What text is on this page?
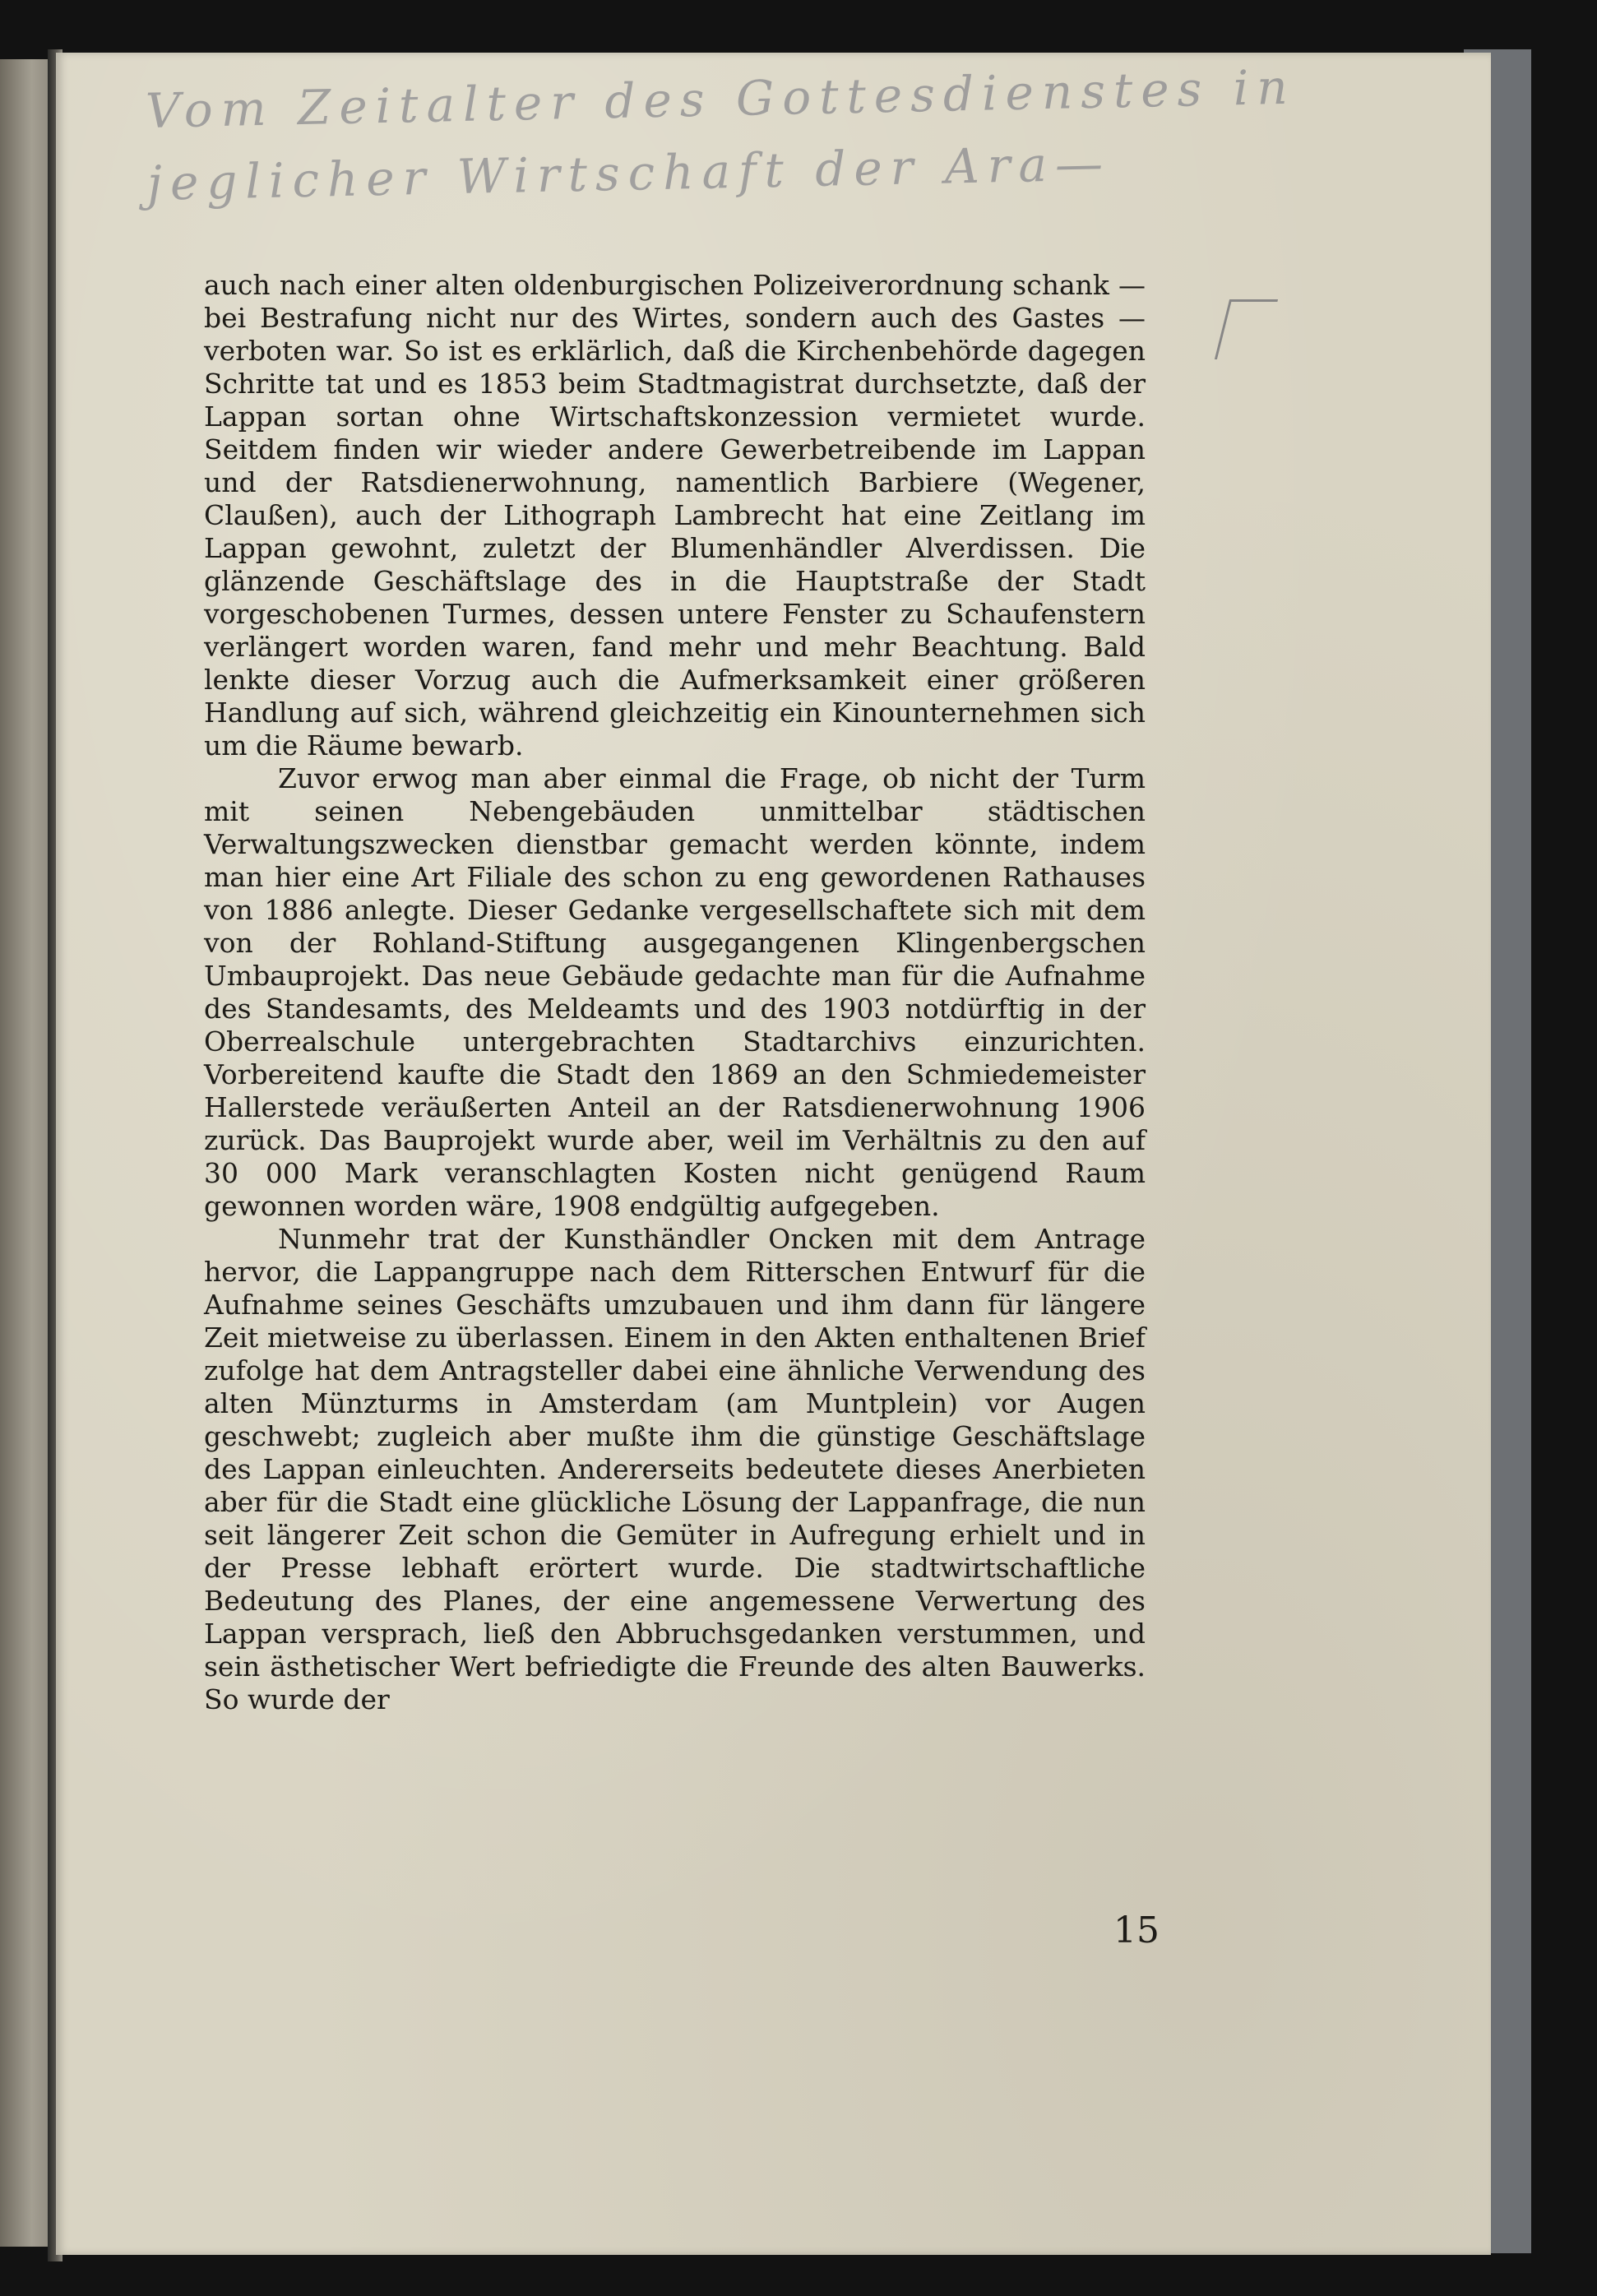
Vom Zeitalter des Gottesdienstes in jeglicher Wirtschaft der Ara—

auch nach einer alten oldenburgischen Polizeiverordnung schank — bei Bestrafung nicht nur des Wirtes, sondern auch des Gastes — verboten war. So ist es erklärlich, daß die Kirchenbehörde dagegen Schritte tat und es 1853 beim Stadtmagistrat durchsetzte, daß der Lappan sortan ohne Wirtschaftskonzession vermietet wurde. Seitdem finden wir wieder andere Gewerbetreibende im Lappan und der Ratsdienerwohnung, namentlich Barbiere (Wegener, Claußen), auch der Lithograph Lambrecht hat eine Zeitlang im Lappan gewohnt, zuletzt der Blumenhändler Alverdissen. Die glänzende Geschäftslage des in die Hauptstraße der Stadt vorgeschobenen Turmes, dessen untere Fenster zu Schaufenstern verlängert worden waren, fand mehr und mehr Beachtung. Bald lenkte dieser Vorzug auch die Aufmerksamkeit einer größeren Handlung auf sich, während gleichzeitig ein Kinounternehmen sich um die Räume bewarb.

Zuvor erwog man aber einmal die Frage, ob nicht der Turm mit seinen Nebengebäuden unmittelbar städtischen Verwaltungszwecken dienstbar gemacht werden könnte, indem man hier eine Art Filiale des schon zu eng gewordenen Rathauses von 1886 anlegte. Dieser Gedanke vergesellschaftete sich mit dem von der Rohland-Stiftung ausgegangenen Klingenbergschen Umbauprojekt. Das neue Gebäude gedachte man für die Aufnahme des Standesamts, des Meldeamts und des 1903 notdürftig in der Oberrealschule untergebrachten Stadtarchivs einzurichten. Vorbereitend kaufte die Stadt den 1869 an den Schmiedemeister Hallerstede veräußerten Anteil an der Ratsdienerwohnung 1906 zurück. Das Bauprojekt wurde aber, weil im Verhältnis zu den auf 30 000 Mark veranschlagten Kosten nicht genügend Raum gewonnen worden wäre, 1908 endgültig aufgegeben.

Nunmehr trat der Kunsthändler Oncken mit dem Antrage hervor, die Lappangruppe nach dem Ritterschen Entwurf für die Aufnahme seines Geschäfts umzubauen und ihm dann für längere Zeit mietweise zu überlassen. Einem in den Akten enthaltenen Brief zufolge hat dem Antragsteller dabei eine ähnliche Verwendung des alten Münzturms in Amsterdam (am Muntplein) vor Augen geschwebt; zugleich aber mußte ihm die günstige Geschäftslage des Lappan einleuchten. Andererseits bedeutete dieses Anerbieten aber für die Stadt eine glückliche Lösung der Lappanfrage, die nun seit längerer Zeit schon die Gemüter in Aufregung erhielt und in der Presse lebhaft erörtert wurde. Die stadtwirtschaftliche Bedeutung des Planes, der eine angemessene Verwertung des Lappan versprach, ließ den Abbruchsgedanken verstummen, und sein ästhetischer Wert befriedigte die Freunde des alten Bauwerks. So wurde der

15
